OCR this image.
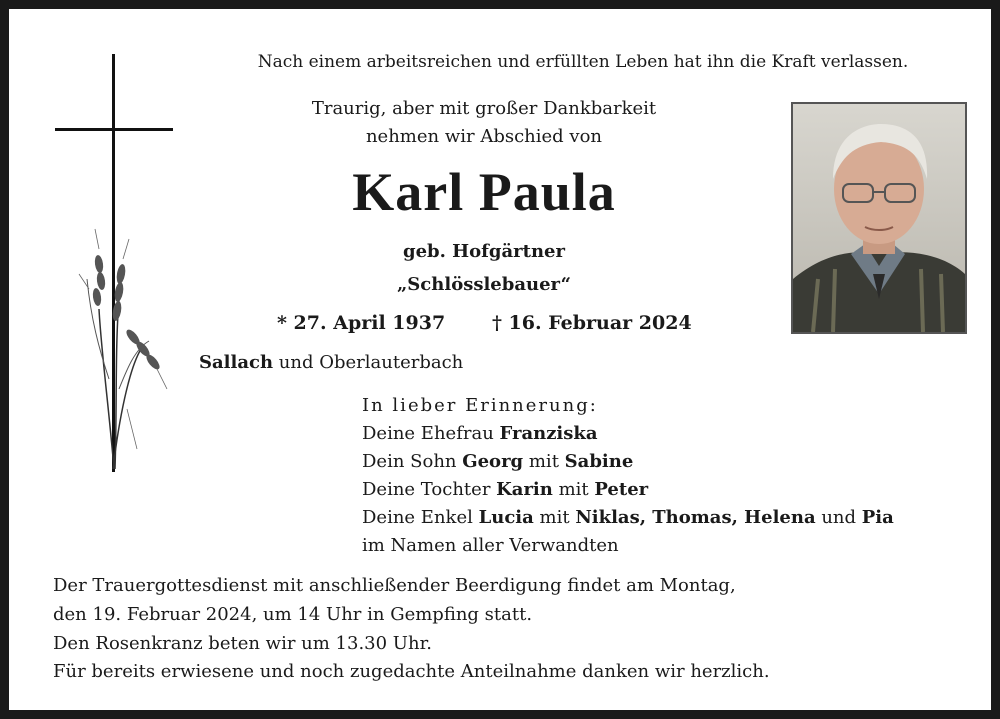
Nach einem arbeitsreichen und erfüllten Leben hat ihn die Kraft verlassen.
Traurig, aber mit großer Dankbarkeit
nehmen wir Abschied von
Karl Paula
geb. Hofgärtner
„Schlösslebauer“
* 27. April 1937 † 16. Februar 2024
Sallach und Oberlauterbach
In lieber Erinnerung:
Deine Ehefrau Franziska
Dein Sohn Georg mit Sabine
Deine Tochter Karin mit Peter
Deine Enkel Lucia mit Niklas, Thomas, Helena und Pia
im Namen aller Verwandten
Der Trauergottesdienst mit anschließender Beerdigung findet am Montag,
den 19. Februar 2024, um 14 Uhr in Gempfing statt.
Den Rosenkranz beten wir um 13.30 Uhr.
Für bereits erwiesene und noch zugedachte Anteilnahme danken wir herzlich.
